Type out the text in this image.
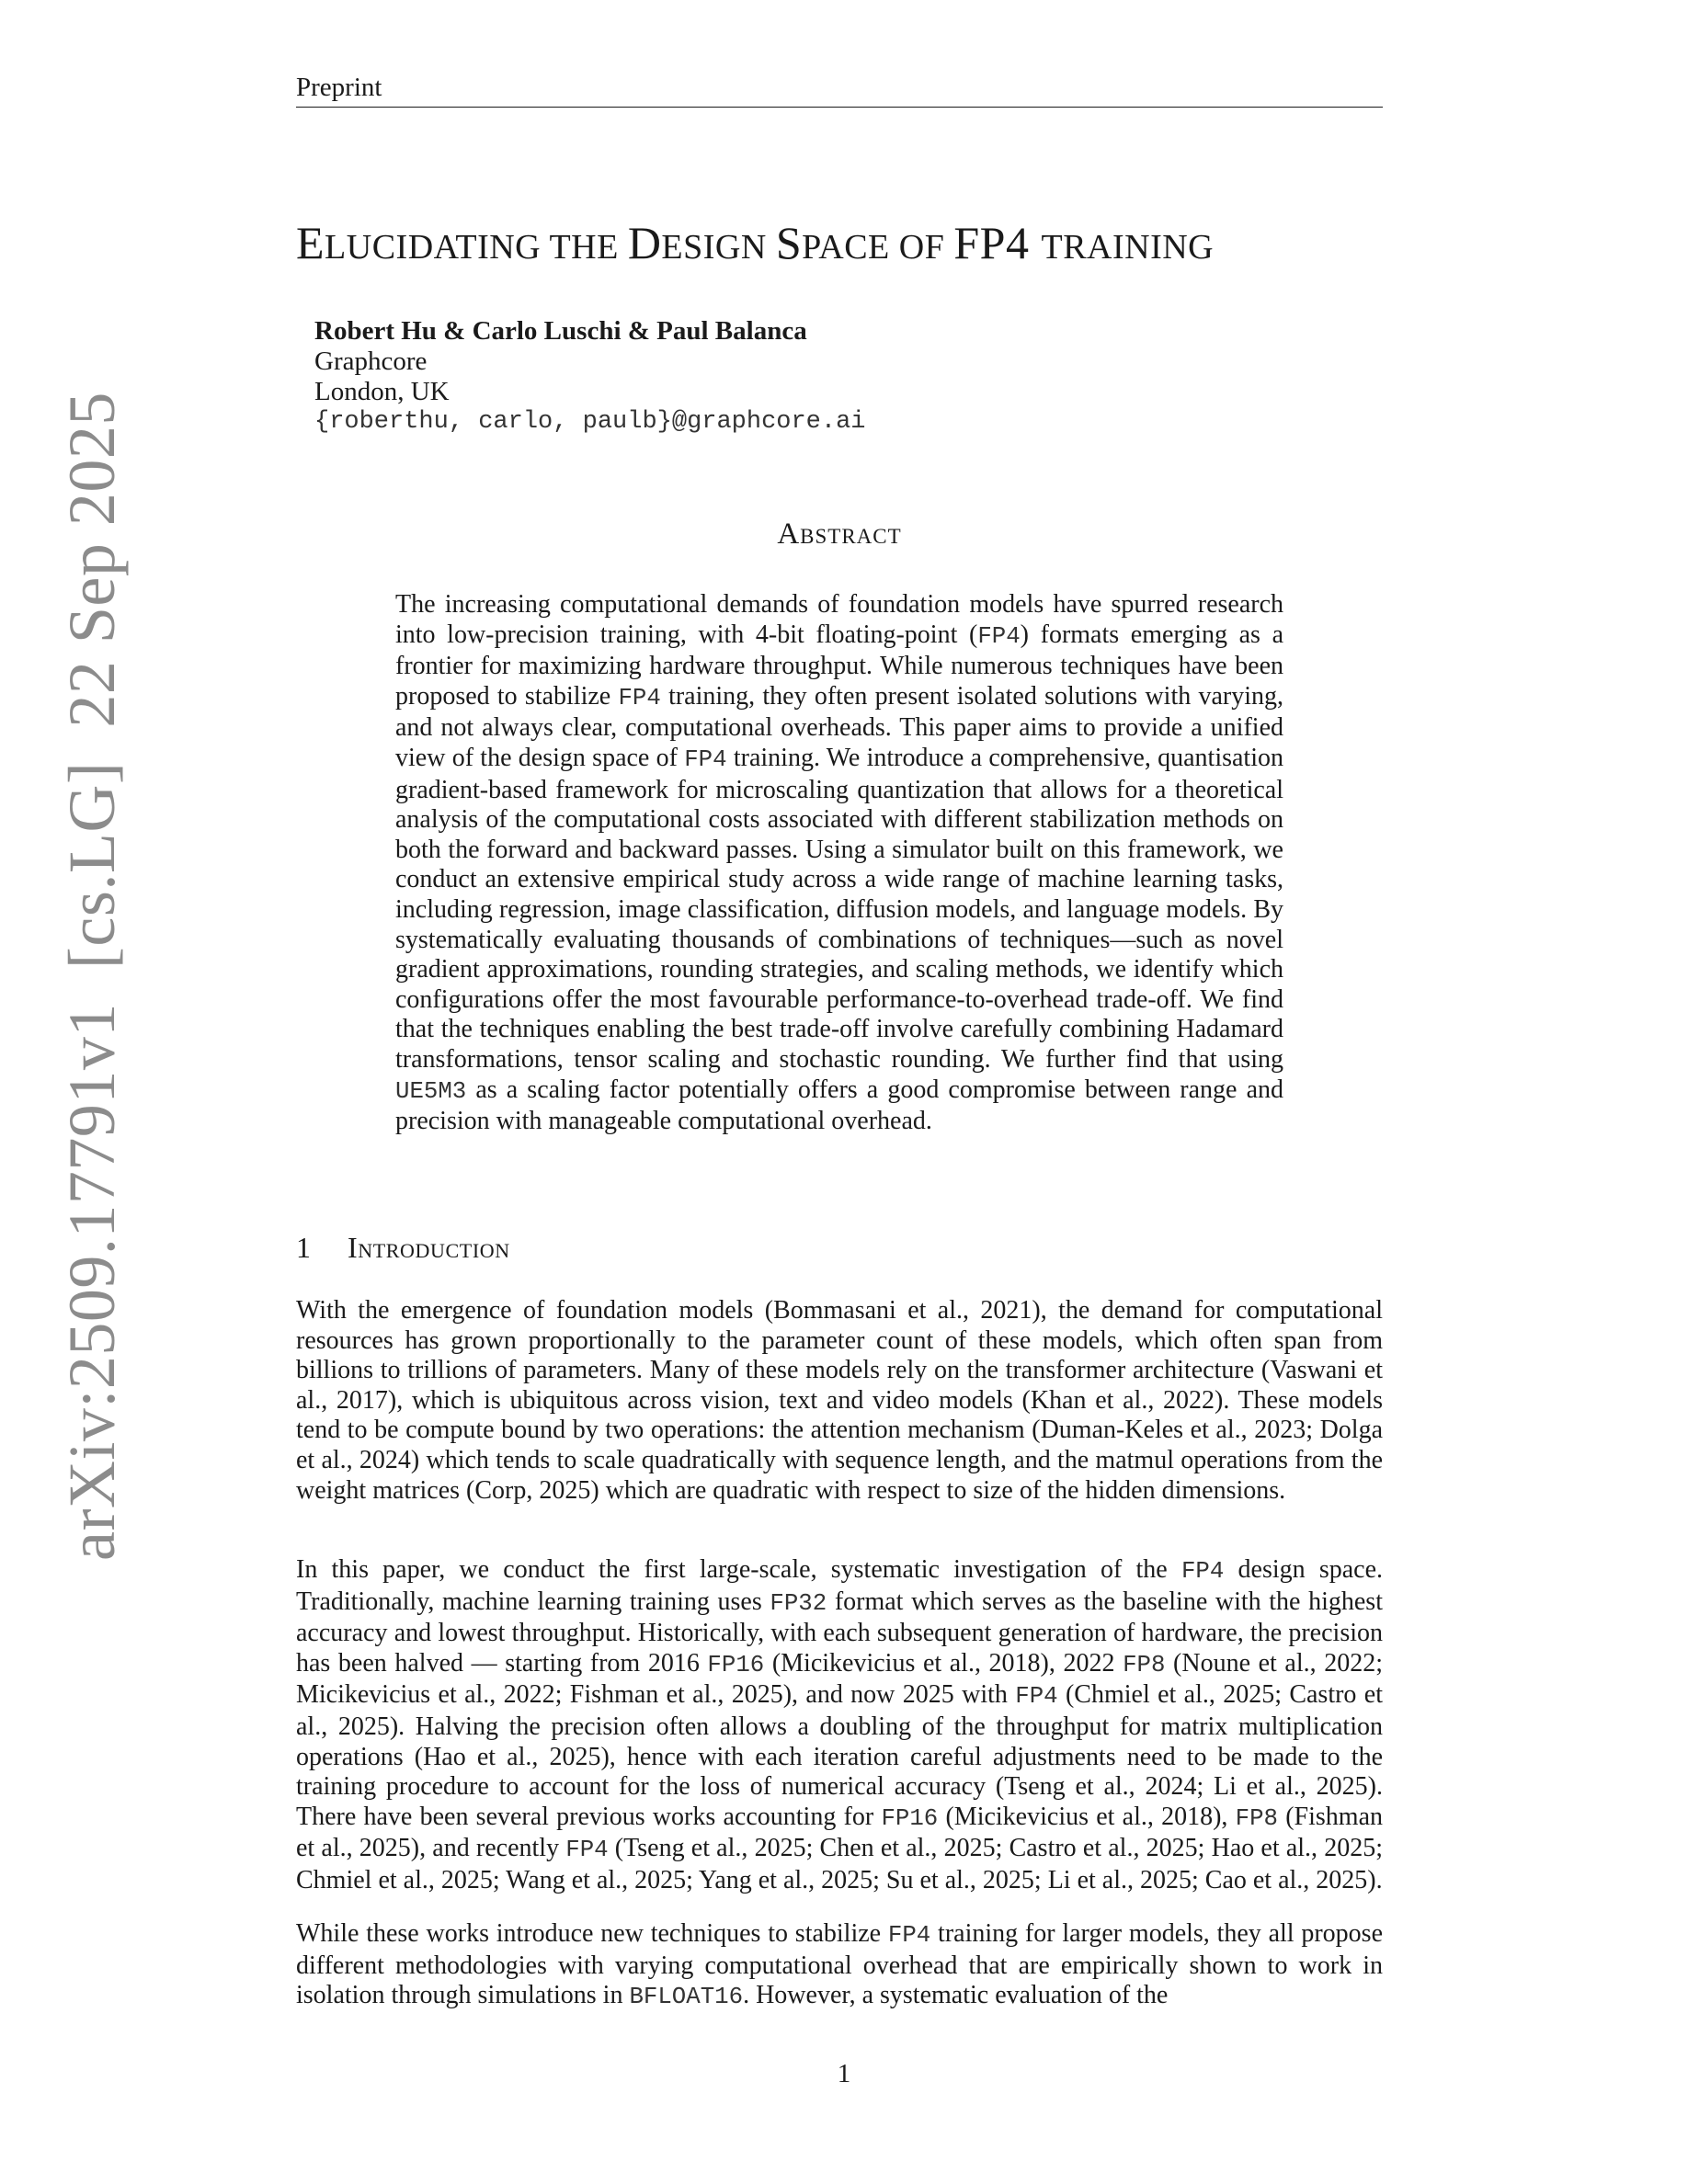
Preprint
arXiv:2509.17791v1  [cs.LG]  22 Sep 2025
ELUCIDATING THE DESIGN SPACE OF FP4 TRAINING
Robert Hu & Carlo Luschi & Paul Balanca
Graphcore
London, UK
{roberthu, carlo, paulb}@graphcore.ai
Abstract

The increasing computational demands of foundation models have spurred research into low-precision training, with 4-bit floating-point (FP4) formats emerging as a frontier for maximizing hardware throughput. While numerous techniques have been proposed to stabilize FP4 training, they often present isolated solutions with varying, and not always clear, computational overheads. This paper aims to provide a unified view of the design space of FP4 training. We introduce a comprehensive, quantisation gradient-based framework for microscaling quantization that allows for a theoretical analysis of the computational costs associated with different stabilization methods on both the forward and backward passes. Using a simulator built on this framework, we conduct an extensive empirical study across a wide range of machine learning tasks, including regression, image classification, diffusion models, and language models. By systematically evaluating thousands of combinations of techniques—such as novel gradient approximations, rounding strategies, and scaling methods, we identify which configurations offer the most favourable performance-to-overhead trade-off. We find that the techniques enabling the best trade-off involve carefully combining Hadamard transformations, tensor scaling and stochastic rounding. We further find that using UE5M3 as a scaling factor potentially offers a good compromise between range and precision with manageable computational overhead.

1 Introduction

With the emergence of foundation models (Bommasani et al., 2021), the demand for computational resources has grown proportionally to the parameter count of these models, which often span from billions to trillions of parameters. Many of these models rely on the transformer architecture (Vaswani et al., 2017), which is ubiquitous across vision, text and video models (Khan et al., 2022). These models tend to be compute bound by two operations: the attention mechanism (Duman-Keles et al., 2023; Dolga et al., 2024) which tends to scale quadratically with sequence length, and the matmul operations from the weight matrices (Corp, 2025) which are quadratic with respect to size of the hidden dimensions.

In this paper, we conduct the first large-scale, systematic investigation of the FP4 design space. Traditionally, machine learning training uses FP32 format which serves as the baseline with the highest accuracy and lowest throughput. Historically, with each subsequent generation of hardware, the precision has been halved — starting from 2016 FP16 (Micikevicius et al., 2018), 2022 FP8 (Noune et al., 2022; Micikevicius et al., 2022; Fishman et al., 2025), and now 2025 with FP4 (Chmiel et al., 2025; Castro et al., 2025). Halving the precision often allows a doubling of the throughput for matrix multiplication operations (Hao et al., 2025), hence with each iteration careful adjustments need to be made to the training procedure to account for the loss of numerical accuracy (Tseng et al., 2024; Li et al., 2025). There have been several previous works accounting for FP16 (Micikevicius et al., 2018), FP8 (Fishman et al., 2025), and recently FP4 (Tseng et al., 2025; Chen et al., 2025; Castro et al., 2025; Hao et al., 2025; Chmiel et al., 2025; Wang et al., 2025; Yang et al., 2025; Su et al., 2025; Li et al., 2025; Cao et al., 2025).

While these works introduce new techniques to stabilize FP4 training for larger models, they all propose different methodologies with varying computational overhead that are empirically shown to work in isolation through simulations in BFLOAT16. However, a systematic evaluation of the

1
